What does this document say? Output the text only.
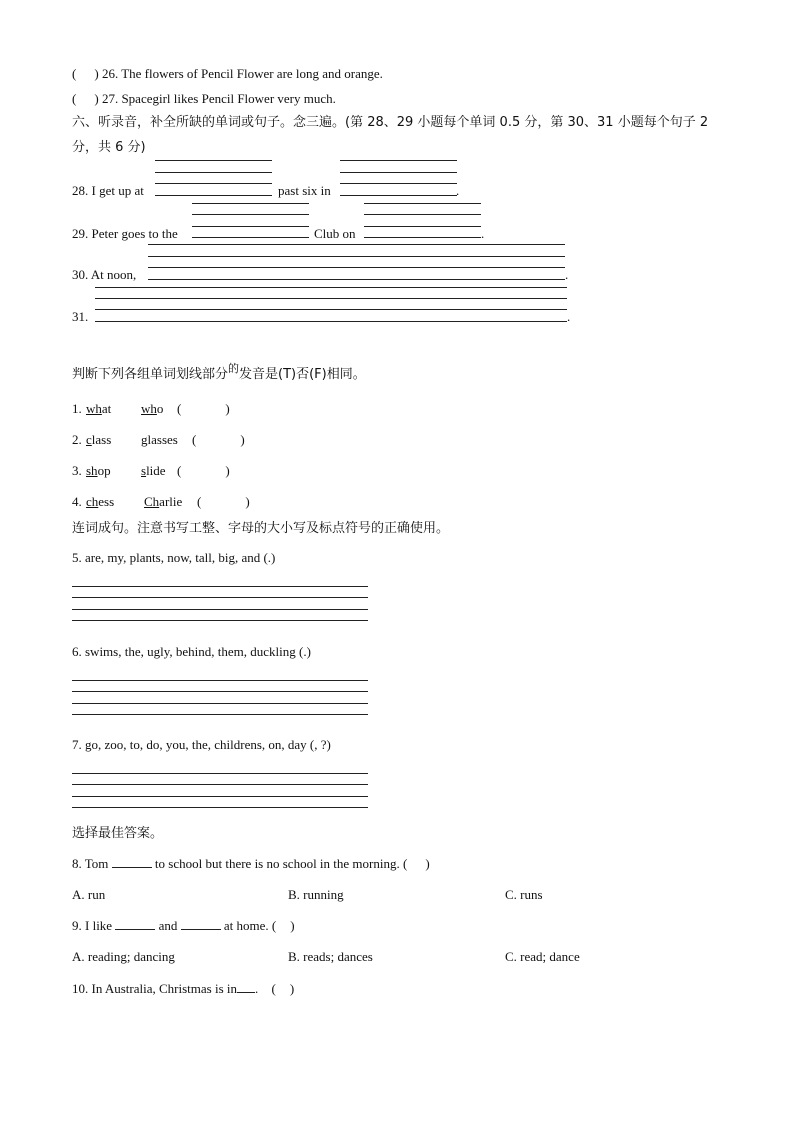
( ) 26. The flowers of Pencil Flower are long and orange.
( ) 27. Spacegirl likes Pencil Flower very much.
六、听录音，补全所缺的单词或句子。念三遍。(第 28、29 小题每个单词 0.5 分，第 30、31 小题每个句子 2
分，共 6 分)
28. I get up at	past six in	.
29. Peter goes to the	Club on	.
30. At noon,	.
31.	.
判断下列各组单词划线部分$^的$发音是(T)否(F)相同。
1. what who (	)
2. class glasses (	)
3. shop slide (	)
4. chess Charlie (	)
连词成句。注意书写工整、字母的大小写及标点符号的正确使用。
5. are, my, plants, now, tall, big, and (.)
6. swims, the, ugly, behind, them, duckling (.)
7. go, zoo, to, do, you, the, childrens, on, day (, ?)
选择最佳答案。
8. Tom	to school but there is no school in the morning. ( )
A. run	B. running	C. runs
9. I like	and	at home. ( )
A. reading; dancing	B. reads; dances	C. read; dance
10. In Australia, Christmas is in . ( )
